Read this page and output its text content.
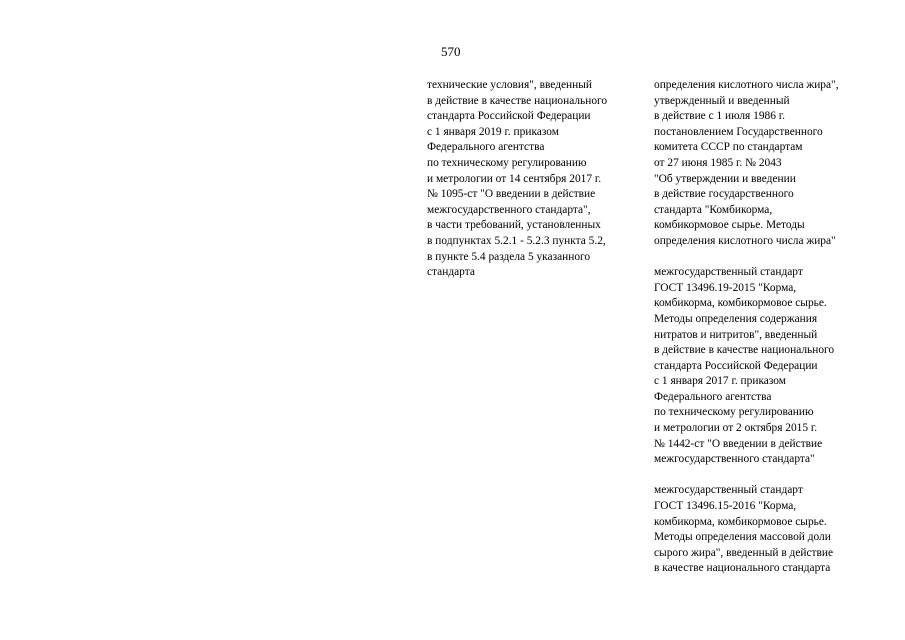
570
технические условия", введенный
в действие в качестве национального
стандарта Российской Федерации
с 1 января 2019 г. приказом
Федерального агентства
по техническому регулированию
и метрологии от 14 сентября 2017 г.
№ 1095-ст "О введении в действие
межгосударственного стандарта",
в части требований, установленных
в подпунктах 5.2.1 - 5.2.3 пункта 5.2,
в пункте 5.4 раздела 5 указанного
стандарта
определения кислотного числа жира",
утвержденный и введенный
в действие с 1 июля 1986 г.
постановлением Государственного
комитета СССР по стандартам
от 27 июня 1985 г. № 2043
"Об утверждении и введении
в действие государственного
стандарта "Комбикорма,
комбикормовое сырье. Методы
определения кислотного числа жира"
межгосударственный стандарт
ГОСТ 13496.19-2015 "Корма,
комбикорма, комбикормовое сырье.
Методы определения содержания
нитратов и нитритов", введенный
в действие в качестве национального
стандарта Российской Федерации
с 1 января 2017 г. приказом
Федерального агентства
по техническому регулированию
и метрологии от 2 октября 2015 г.
№ 1442-ст "О введении в действие
межгосударственного стандарта"
межгосударственный стандарт
ГОСТ 13496.15-2016 "Корма,
комбикорма, комбикормовое сырье.
Методы определения массовой доли
сырого жира", введенный в действие
в качестве национального стандарта
